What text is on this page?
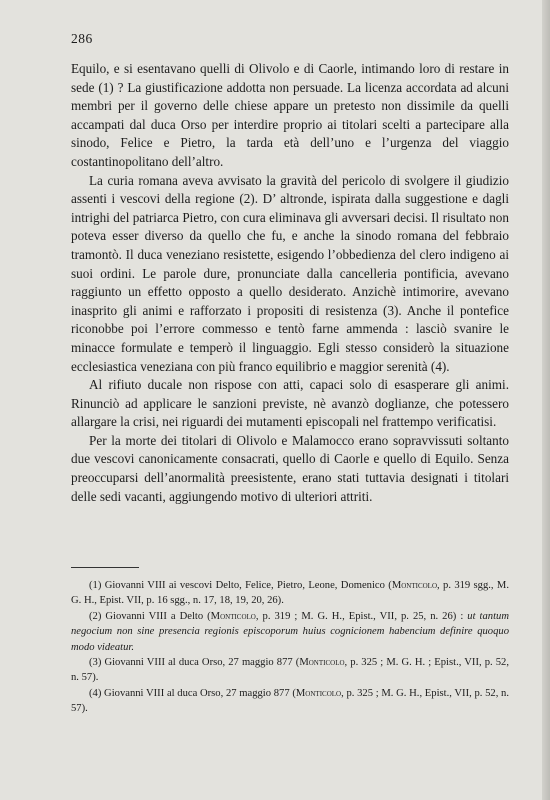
286

Equilo, e si esentavano quelli di Olivolo e di Caorle, intimando loro di restare in sede (1) ? La giustificazione addotta non persuade. La licenza accordata ad alcuni membri per il governo delle chiese appare un pretesto non dissimile da quelli accampati dal duca Orso per interdire proprio ai titolari scelti a partecipare alla sinodo, Felice e Pietro, la tarda età dell’uno e l’urgenza del viaggio costantinopolitano dell’altro.

La curia romana aveva avvisato la gravità del pericolo di svolgere il giudizio assenti i vescovi della regione (2). D’ altronde, ispirata dalla suggestione e dagli intrighi del patriarca Pietro, con cura eliminava gli avversari decisi. Il risultato non poteva esser diverso da quello che fu, e anche la sinodo romana del febbraio tramontò. Il duca veneziano resistette, esigendo l’obbedienza del clero indigeno ai suoi ordini. Le parole dure, pronunciate dalla cancelleria pontificia, avevano raggiunto un effetto opposto a quello desiderato. Anzichè intimorire, avevano inasprito gli animi e rafforzato i propositi di resistenza (3). Anche il pontefice riconobbe poi l’errore commesso e tentò farne ammenda : lasciò svanire le minacce formulate e temperò il linguaggio. Egli stesso considerò la situazione ecclesiastica veneziana con più franco equilibrio e maggior serenità (4).

Al rifiuto ducale non rispose con atti, capaci solo di esasperare gli animi. Rinunciò ad applicare le sanzioni previste, nè avanzò doglianze, che potessero allargare la crisi, nei riguardi dei mutamenti episcopali nel frattempo verificatisi.

Per la morte dei titolari di Olivolo e Malamocco erano sopravvissuti soltanto due vescovi canonicamente consacrati, quello di Caorle e quello di Equilo. Senza preoccuparsi dell’anormalità preesistente, erano stati tuttavia designati i titolari delle sedi vacanti, aggiungendo motivo di ulteriori attriti.

(1) Giovanni VIII ai vescovi Delto, Felice, Pietro, Leone, Domenico (Monticolo, p. 319 sgg., M. G. H., Epist. VII, p. 16 sgg., n. 17, 18, 19, 20, 26).

(2) Giovanni VIII a Delto (Monticolo, p. 319 ; M. G. H., Epist., VII, p. 25, n. 26) : ut tantum negocium non sine presencia regionis episcoporum huius cognicionem habencium definire quoquo modo videatur.

(3) Giovanni VIII al duca Orso, 27 maggio 877 (Monticolo, p. 325 ; M. G. H. ; Epist., VII, p. 52, n. 57).

(4) Giovanni VIII al duca Orso, 27 maggio 877 (Monticolo, p. 325 ; M. G. H., Epist., VII, p. 52, n. 57).
